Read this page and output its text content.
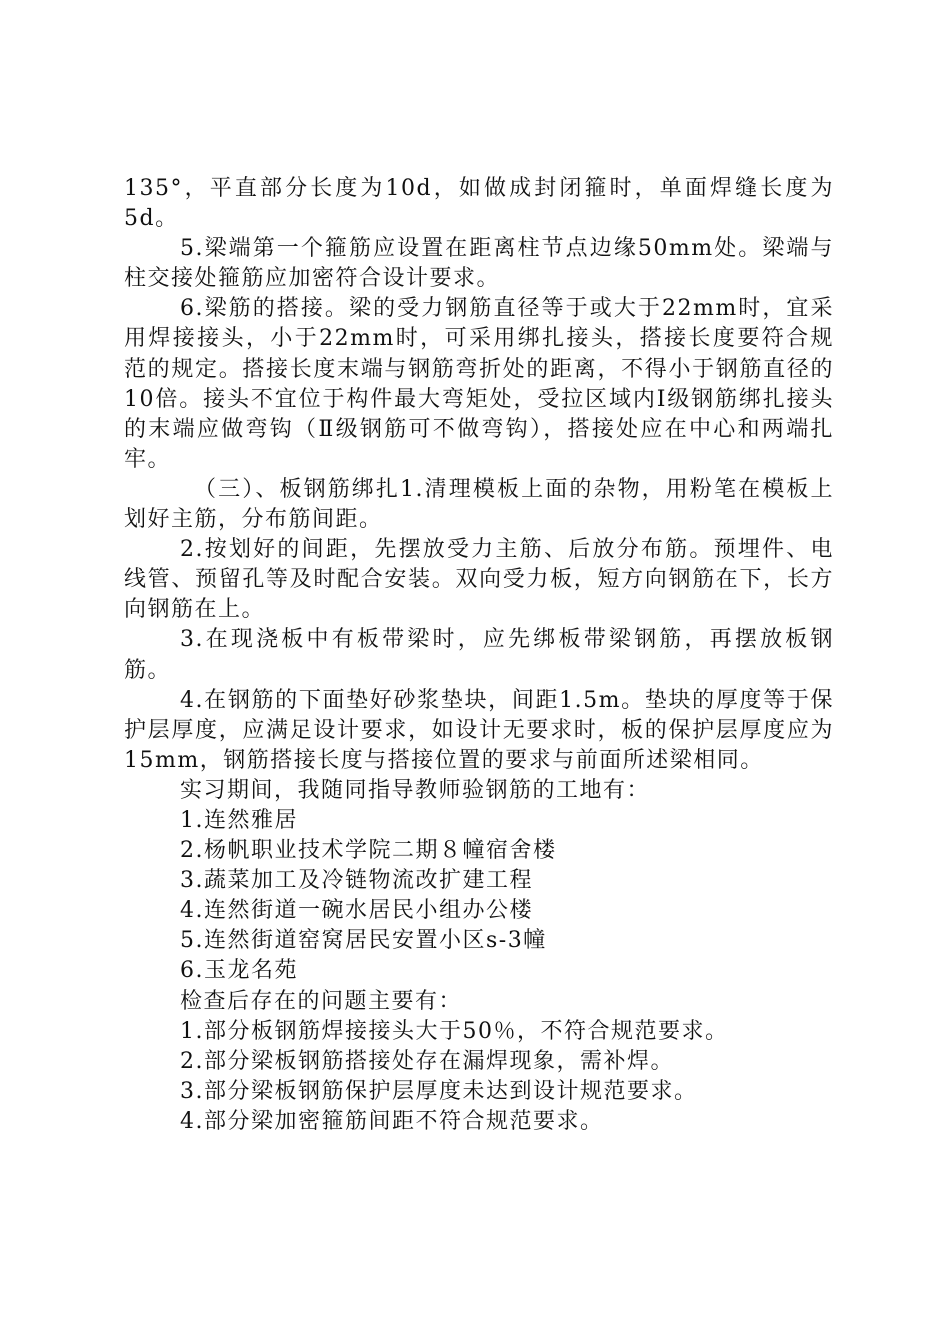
135°，平直部分长度为10d，如做成封闭箍时，单面焊缝长度为5d。

5.梁端第一个箍筋应设置在距离柱节点边缘50mm处。梁端与柱交接处箍筋应加密符合设计要求。

6.梁筋的搭接。梁的受力钢筋直径等于或大于22mm时，宜采用焊接接头，小于22mm时，可采用绑扎接头，搭接长度要符合规范的规定。搭接长度末端与钢筋弯折处的距离，不得小于钢筋直径的10倍。接头不宜位于构件最大弯矩处，受拉区域内Ⅰ级钢筋绑扎接头的末端应做弯钩（Ⅱ级钢筋可不做弯钩），搭接处应在中心和两端扎牢。

（三）、板钢筋绑扎1.清理模板上面的杂物，用粉笔在模板上划好主筋，分布筋间距。

2.按划好的间距，先摆放受力主筋、后放分布筋。预埋件、电线管、预留孔等及时配合安装。双向受力板，短方向钢筋在下，长方向钢筋在上。

3.在现浇板中有板带梁时，应先绑板带梁钢筋，再摆放板钢筋。

4.在钢筋的下面垫好砂浆垫块，间距1.5m。垫块的厚度等于保护层厚度，应满足设计要求，如设计无要求时，板的保护层厚度应为15mm，钢筋搭接长度与搭接位置的要求与前面所述梁相同。

实习期间，我随同指导教师验钢筋的工地有：

1.连然雅居

2.杨帆职业技术学院二期８幢宿舍楼

3.蔬菜加工及冷链物流改扩建工程

4.连然街道一碗水居民小组办公楼

5.连然街道窑窝居民安置小区s-3幢

6.玉龙名苑

检查后存在的问题主要有：

1.部分板钢筋焊接接头大于50％，不符合规范要求。

2.部分梁板钢筋搭接处存在漏焊现象，需补焊。

3.部分梁板钢筋保护层厚度未达到设计规范要求。

4.部分梁加密箍筋间距不符合规范要求。
